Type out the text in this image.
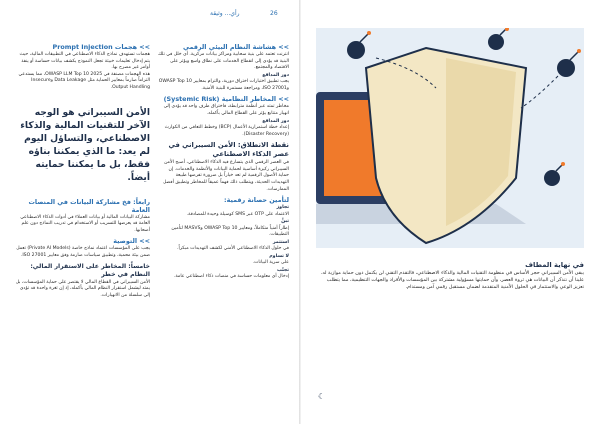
26
رأي... وثيقة
>> هشاشة النظام البيئي الرقمي

انترنت تعتمد على بنية سحابية ومراكز بيانات مركزية. أي خلل في تلك البنية قد يؤدي إلى انقطاع الخدمات على نطاق واسع ويؤثر على الاقتصاد والمجتمع.

دور المدافع

يجب تطبيق اختبارات اختراق دورية، والتزام بمعايير OWASP Top 10 وISO 27001، ومراجعة مستمرة للبنية الأمنية.

>> المخاطر النظامية (Systemic Risk)

مخاطر تمتد عبر أنظمة مترابطة، فاختراق طرف واحد قد يؤدي إلى انهيار متتابع يؤثر على القطاع المالي بأكمله.

دور المدافع

إعداد خطة استمرارية الأعمال (BCP) وخطط التعافي من الكوارث (Disaster Recovery).

نقطة الانطلاق: الأمن السيبراني في عصر الذكاء الاصطناعي

في العصر الرقمي الذي يتسارع فيه الذكاء الاصطناعي، أصبح الأمن السيبراني ركيزة أساسية لحماية البيانات والأنظمة والخدمات. إن حماية الأصول الرقمية لم تعد خياراً بل ضرورة تفرضها طبيعة التهديدات الحديثة، ويتطلب ذلك فهماً عميقاً للمخاطر وتطبيق أفضل الممارسات.

لتأمين حصانة رقمية:
تجاوز

الاعتماد على OTP عبر SMS كوسيلة وحيدة للمصادقة.

تبنَّ

إطاراً أمنياً متكاملاً، ومعايير OWASP Top 10 وMASVS لتأمين التطبيقات.

استثمر

في حلول الذكاء الاصطناعي الأمني لكشف التهديدات مبكراً.

لا تساوم

على سرية البيانات.

تجنّب

إدخال أي معلومات حساسة في منصات ذكاء اصطناعي عامة.

>> هجمات Prompt Injection

هجمات تستهدف نماذج الذكاء الاصطناعي في التطبيقات المالية، حيث يتم إدخال تعليمات خبيثة تجعل النموذج يكشف بيانات حساسة أو ينفذ أوامر غير مصرح بها.

هذه الهجمات مصنفة في OWASP LLM Top 10 2025، مما يستدعي التزاماً صارماً بمعايير الحماية مثل Data Leakage وInsecure Output Handling.

الأمن السيبراني هو الوجه الآخر للتقنيات المالية والذكاء الاصطناعي، والتساؤل اليوم لم يعد: ما الذي يمكننا بناؤه فقط، بل ما يمكننا حمايته أيضاً.
رابعاً: فخ مشاركة البيانات في المنصات العامة

مشاركة البيانات المالية أو بيانات العملاء في أدوات الذكاء الاصطناعي العامة قد يعرضها للتسريب أو الاستخدام في تدريب النماذج دون علم أصحابها.

>> التوصية

يجب على المؤسسات اعتماد نماذج خاصة (Private AI Models) تعمل ضمن بيئة محمية، وتطبيق سياسات صارمة وفق معايير ISO 27001.

خامساً: المخاطر على الاستقرار المالي: النظام في خطر

الأمن السيبراني في القطاع المالي لا يقتصر على حماية المؤسسات، بل يمتد ليشمل استقرار النظام المالي بأكمله، إذ إن ثغرة واحدة قد تؤدي إلى سلسلة من الانهيارات.

في نهاية المطاف

يبقى الأمن السيبراني حجر الأساس في منظومة التقنيات المالية والذكاء الاصطناعي، فالتقدم التقني لن يكتمل دون حماية موازية له. علينا أن نتذكر أن البيانات هي ثروة العصر، وأن حمايتها مسؤولية مشتركة بين المؤسسات والأفراد والجهات التنظيمية، مما يتطلب تعزيز الوعي والاستثمار في الحلول الأمنية المتقدمة لضمان مستقبل رقمي آمن ومستدام.

☾
